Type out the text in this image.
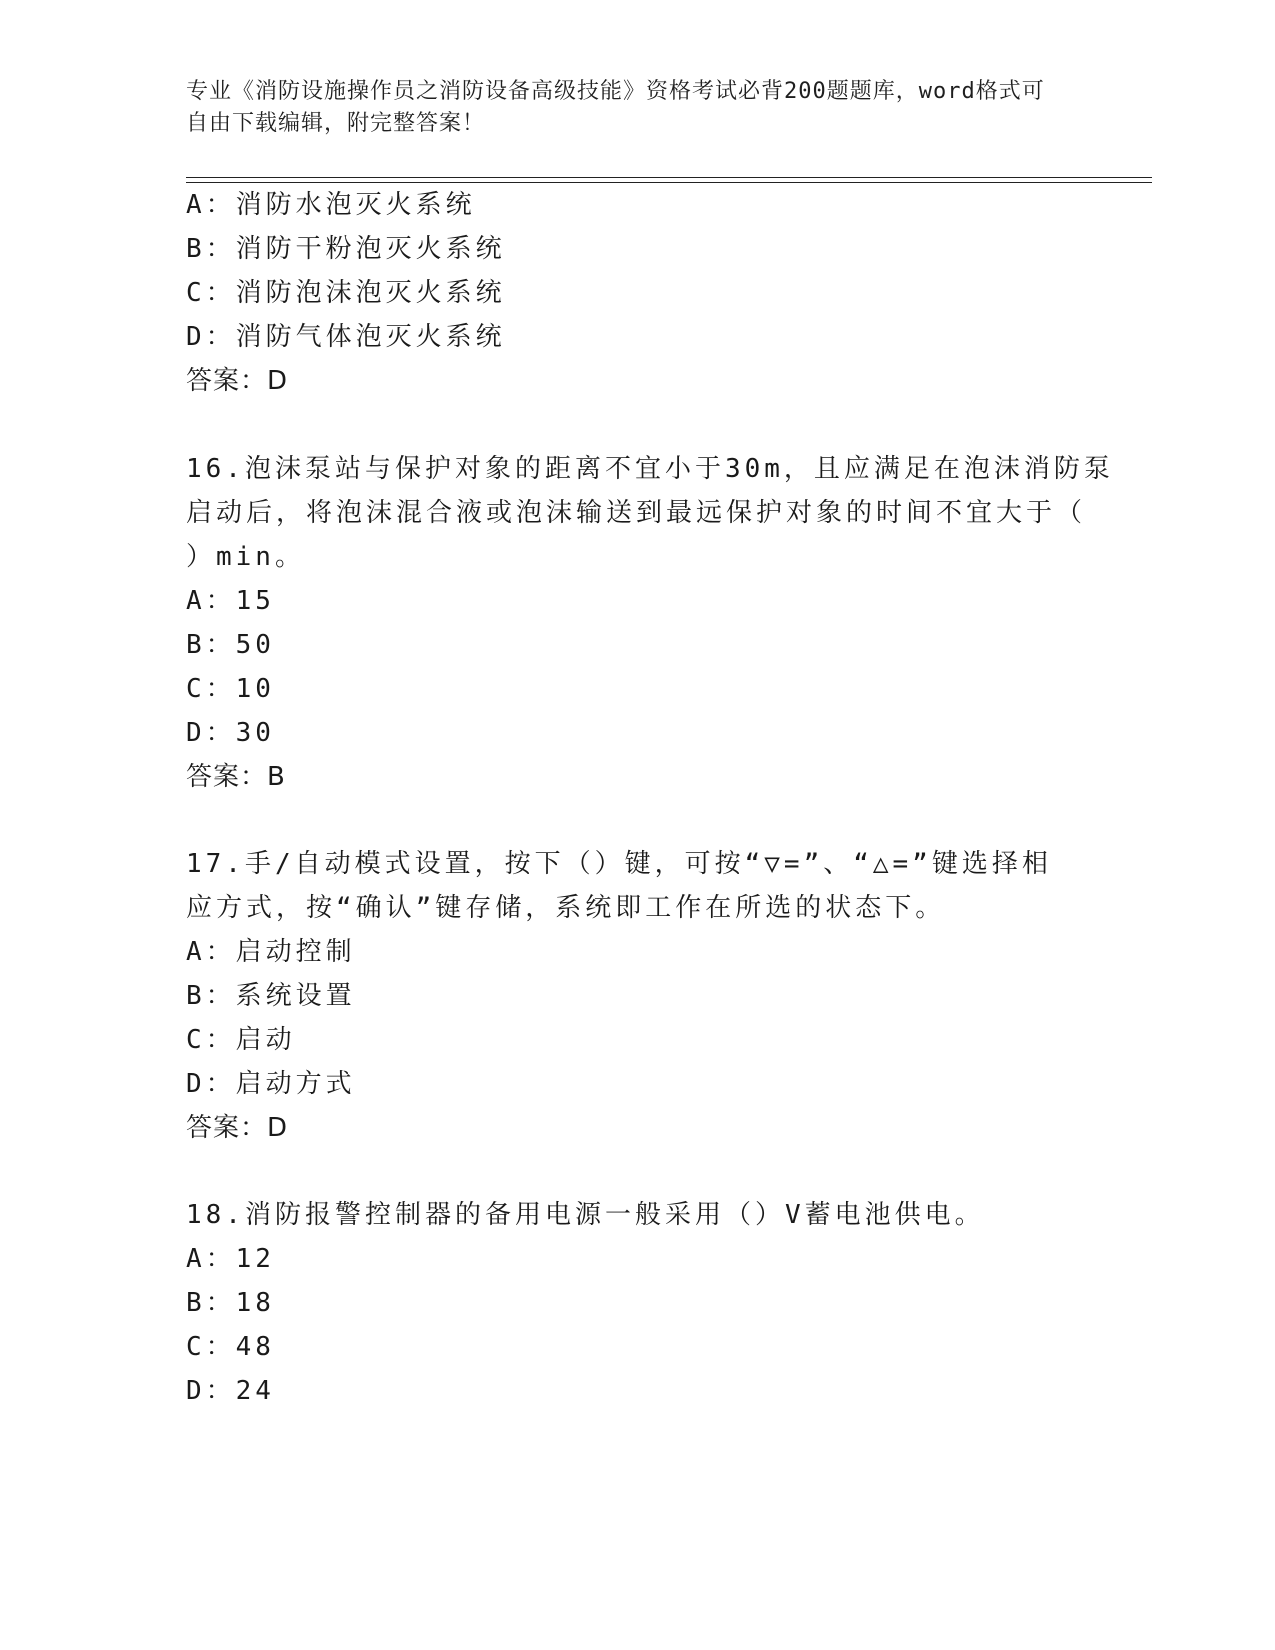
专业《消防设施操作员之消防设备高级技能》资格考试必背200题题库，word格式可自由下载编辑，附完整答案！
A：消防水泡灭火系统
B：消防干粉泡灭火系统
C：消防泡沫泡灭火系统
D：消防气体泡灭火系统
答案：D
16.泡沫泵站与保护对象的距离不宜小于30m，且应满足在泡沫消防泵
启动后，将泡沫混合液或泡沫输送到最远保护对象的时间不宜大于（
）min。
A：15
B：50
C：10
D：30
答案：B
17.手/自动模式设置，按下（）键，可按“▽=”、“△=”键选择相
应方式，按“确认”键存储，系统即工作在所选的状态下。
A：启动控制
B：系统设置
C：启动
D：启动方式
答案：D
18.消防报警控制器的备用电源一般采用（）V蓄电池供电。
A：12
B：18
C：48
D：24
